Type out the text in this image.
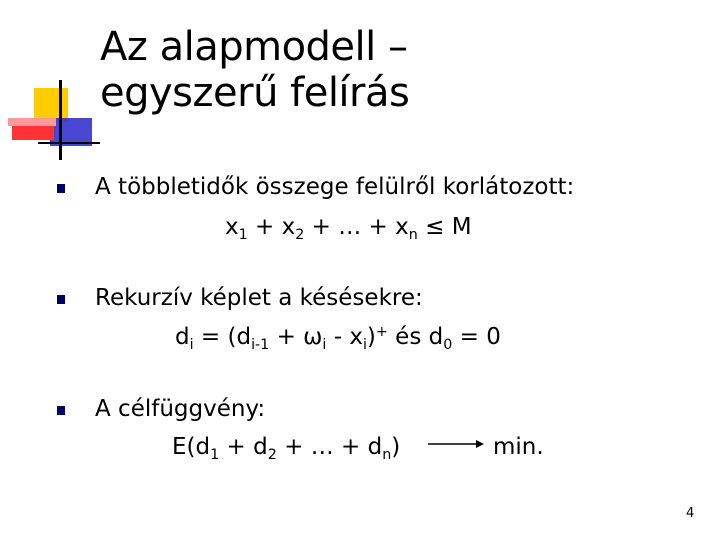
Az alapmodell –
egyszerű felírás
A többletidők összege felülről korlátozott:
$x_1 + x_2$ + … + $x_n \le M$
Rekurzív képlet a késésekre:
$d_i = (d_{i-1} + \omega_i - x_i)^+$ és $d_0 = 0$
A célfüggvény:
$E(d_1 + d_2$ + … + $d_n$)	min.
4
